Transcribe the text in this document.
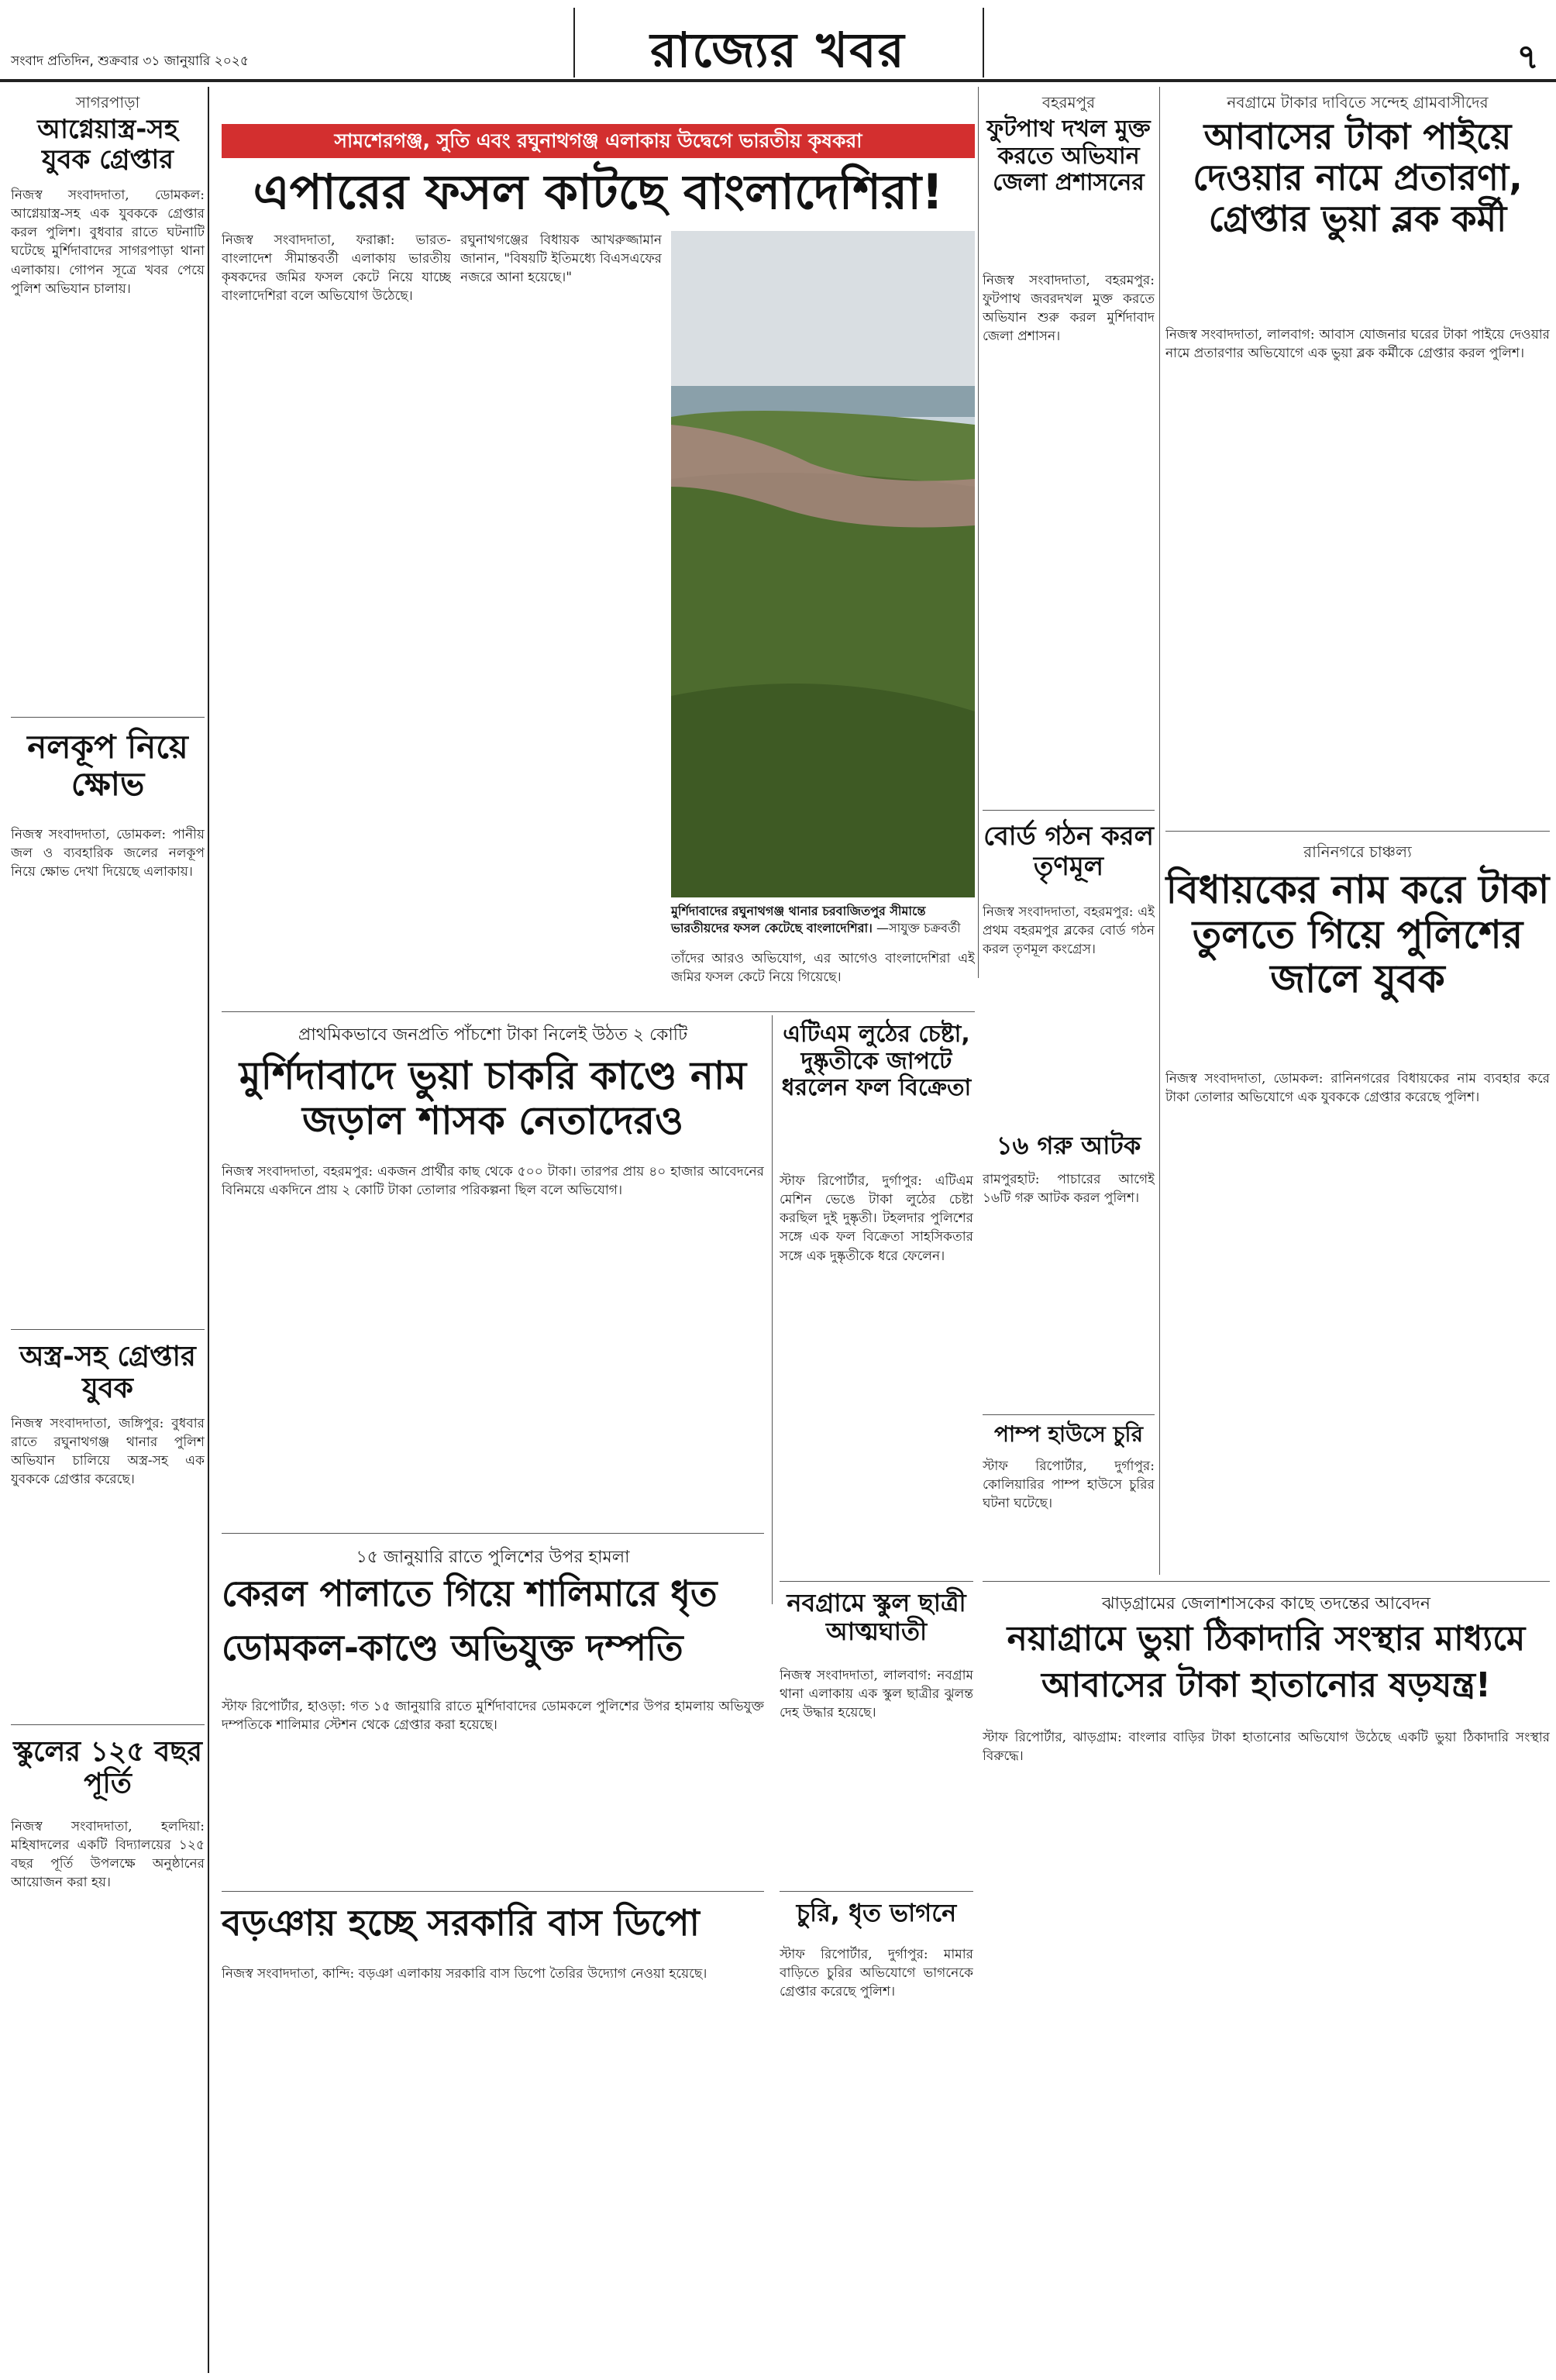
সংবাদ প্রতিদিন, শুক্রবার ৩১ জানুয়ারি ২০২৫	রাজ্যের খবর	৭
সাগরপাড়া
আগ্নেয়াস্ত্র-সহ যুবক গ্রেপ্তার
নিজস্ব সংবাদদাতা, ডোমকল: আগ্নেয়াস্ত্র-সহ এক যুবককে গ্রেপ্তার করল পুলিশ। বুধবার রাতে ঘটনাটি ঘটেছে মুর্শিদাবাদের সাগরপাড়া থানা এলাকায়। গোপন সূত্রে খবর পেয়ে পুলিশ অভিযান চালায়।
নলকূপ নিয়ে ক্ষোভ
নিজস্ব সংবাদদাতা, ডোমকল: পানীয় জল ও ব্যবহারিক জলের নলকূপ নিয়ে ক্ষোভ দেখা দিয়েছে এলাকায়।
অস্ত্র-সহ গ্রেপ্তার যুবক
নিজস্ব সংবাদদাতা, জঙ্গিপুর: বুধবার রাতে রঘুনাথগঞ্জ থানার পুলিশ অভিযান চালিয়ে অস্ত্র-সহ এক যুবককে গ্রেপ্তার করেছে।
স্কুলের ১২৫ বছর পূর্তি
নিজস্ব সংবাদদাতা, হলদিয়া: মহিষাদলের একটি বিদ্যালয়ের ১২৫ বছর পূর্তি উপলক্ষে অনুষ্ঠানের আয়োজন করা হয়।
সামশেরগঞ্জ, সুতি এবং রঘুনাথগঞ্জ এলাকায় উদ্বেগে ভারতীয় কৃষকরা
এপারের ফসল কাটছে বাংলাদেশিরা!
নিজস্ব সংবাদদাতা, ফরাক্কা: ভারত-বাংলাদেশ সীমান্তবর্তী এলাকায় ভারতীয় কৃষকদের জমির ফসল কেটে নিয়ে যাচ্ছে বাংলাদেশিরা বলে অভিযোগ উঠেছে।
মুর্শিদাবাদের রঘুনাথগঞ্জ থানার চরবাজিতপুর সীমান্তে ভারতীয়দের ফসল কেটেছে বাংলাদেশিরা। —সাযুক্ত চক্রবর্তী
রঘুনাথগঞ্জের বিধায়ক আখরুজ্জামান জানান, "বিষয়টি ইতিমধ্যে বিএসএফের নজরে আনা হয়েছে।"
তাঁদের আরও অভিযোগ, এর আগেও বাংলাদেশিরা এই জমির ফসল কেটে নিয়ে গিয়েছে।
প্রাথমিকভাবে জনপ্রতি পাঁচশো টাকা নিলেই উঠত ২ কোটি
মুর্শিদাবাদে ভুয়া চাকরি কাণ্ডে নাম জড়াল শাসক নেতাদেরও
নিজস্ব সংবাদদাতা, বহরমপুর: একজন প্রার্থীর কাছ থেকে ৫০০ টাকা। তারপর প্রায় ৪০ হাজার আবেদনের বিনিময়ে একদিনে প্রায় ২ কোটি টাকা তোলার পরিকল্পনা ছিল বলে অভিযোগ।
এটিএম লুঠের চেষ্টা, দুষ্কৃতীকে জাপটে ধরলেন ফল বিক্রেতা
স্টাফ রিপোর্টার, দুর্গাপুর: এটিএম মেশিন ভেঙে টাকা লুঠের চেষ্টা করছিল দুই দুষ্কৃতী। টহলদার পুলিশের সঙ্গে এক ফল বিক্রেতা সাহসিকতার সঙ্গে এক দুষ্কৃতীকে ধরে ফেলেন।
১৫ জানুয়ারি রাতে পুলিশের উপর হামলা
কেরল পালাতে গিয়ে শালিমারে ধৃত
ডোমকল-কাণ্ডে অভিযুক্ত দম্পতি
স্টাফ রিপোর্টার, হাওড়া: গত ১৫ জানুয়ারি রাতে মুর্শিদাবাদের ডোমকলে পুলিশের উপর হামলায় অভিযুক্ত দম্পতিকে শালিমার স্টেশন থেকে গ্রেপ্তার করা হয়েছে।
নবগ্রামে স্কুল ছাত্রী আত্মঘাতী
নিজস্ব সংবাদদাতা, লালবাগ: নবগ্রাম থানা এলাকায় এক স্কুল ছাত্রীর ঝুলন্ত দেহ উদ্ধার হয়েছে।
চুরি, ধৃত ভাগনে
স্টাফ রিপোর্টার, দুর্গাপুর: মামার বাড়িতে চুরির অভিযোগে ভাগনেকে গ্রেপ্তার করেছে পুলিশ।
বড়ঞায় হচ্ছে সরকারি বাস ডিপো
নিজস্ব সংবাদদাতা, কান্দি: বড়ঞা এলাকায় সরকারি বাস ডিপো তৈরির উদ্যোগ নেওয়া হয়েছে।
বহরমপুর
ফুটপাথ দখল মুক্ত করতে অভিযান জেলা প্রশাসনের
নিজস্ব সংবাদদাতা, বহরমপুর: ফুটপাথ জবরদখল মুক্ত করতে অভিযান শুরু করল মুর্শিদাবাদ জেলা প্রশাসন।
বোর্ড গঠন করল তৃণমূল
নিজস্ব সংবাদদাতা, বহরমপুর: এই প্রথম বহরমপুর ব্লকের বোর্ড গঠন করল তৃণমূল কংগ্রেস।
১৬ গরু আটক
রামপুরহাট: পাচারের আগেই ১৬টি গরু আটক করল পুলিশ।
পাম্প হাউসে চুরি
স্টাফ রিপোর্টার, দুর্গাপুর: কোলিয়ারির পাম্প হাউসে চুরির ঘটনা ঘটেছে।
নবগ্রামে টাকার দাবিতে সন্দেহ গ্রামবাসীদের
আবাসের টাকা পাইয়ে দেওয়ার নামে প্রতারণা, গ্রেপ্তার ভুয়া ব্লক কর্মী
নিজস্ব সংবাদদাতা, লালবাগ: আবাস যোজনার ঘরের টাকা পাইয়ে দেওয়ার নামে প্রতারণার অভিযোগে এক ভুয়া ব্লক কর্মীকে গ্রেপ্তার করল পুলিশ।
রানিনগরে চাঞ্চল্য
বিধায়কের নাম করে টাকা তুলতে গিয়ে পুলিশের জালে যুবক
নিজস্ব সংবাদদাতা, ডোমকল: রানিনগরের বিধায়কের নাম ব্যবহার করে টাকা তোলার অভিযোগে এক যুবককে গ্রেপ্তার করেছে পুলিশ।
ঝাড়গ্রামের জেলাশাসকের কাছে তদন্তের আবেদন
নয়াগ্রামে ভুয়া ঠিকাদারি সংস্থার মাধ্যমে
আবাসের টাকা হাতানোর ষড়যন্ত্র!
স্টাফ রিপোর্টার, ঝাড়গ্রাম: বাংলার বাড়ির টাকা হাতানোর অভিযোগ উঠেছে একটি ভুয়া ঠিকাদারি সংস্থার বিরুদ্ধে।
